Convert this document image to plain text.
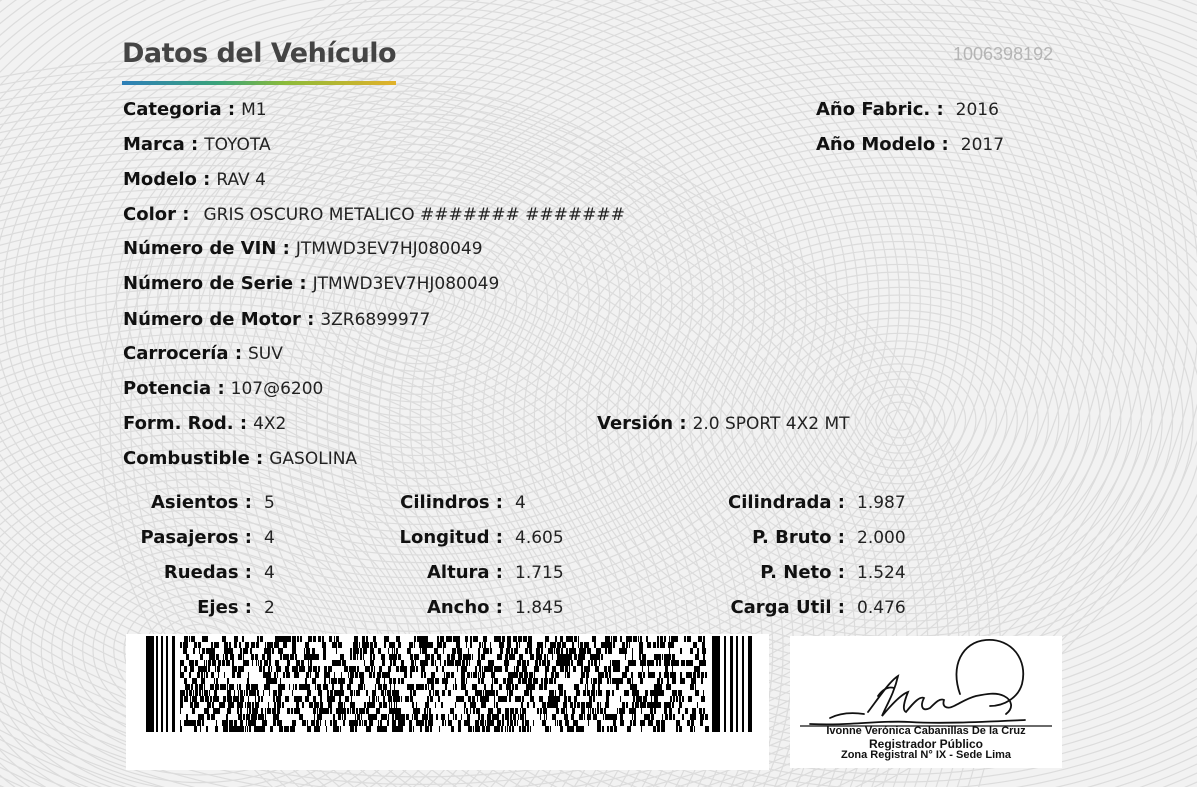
Datos del Vehículo	1006398192
Categoria : M1
Marca : TOYOTA
Modelo : RAV 4
Color : GRIS OSCURO METALICO ####### #######
Número de VIN : JTMWD3EV7HJ080049
Número de Serie : JTMWD3EV7HJ080049
Número de Motor : 3ZR6899977
Carrocería : SUV
Potencia : 107@6200
Form. Rod. : 4X2
Combustible : GASOLINA
Año Fabric. : 2016
Año Modelo : 2017
Versión : 2.0 SPORT 4X2 MT
Asientos : 5
Pasajeros : 4
Ruedas : 4
Ejes : 2
Cilindros : 4
Longitud : 4.605
Altura : 1.715
Ancho : 1.845
Cilindrada : 1.987
P. Bruto : 2.000
P. Neto : 1.524
Carga Util : 0.476
Ivonne Verónica Cabanillas De la Cruz
Registrador Público
Zona Registral N° IX - Sede Lima
